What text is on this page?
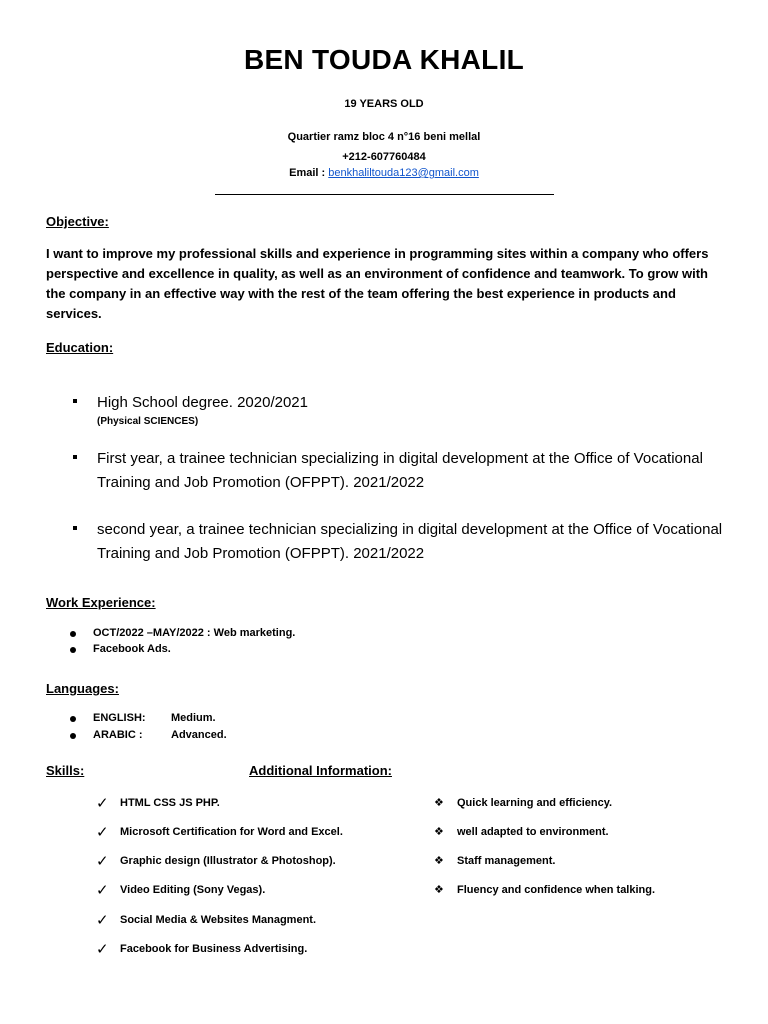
BEN TOUDA KHALIL
19 YEARS OLD
Quartier ramz bloc 4 n°16 beni mellal
+212-607760484
Email : benkhaliltouda123@gmail.com
Objective:
I want to improve my professional skills and experience in programming sites within a company who offers perspective and excellence in quality, as well as an environment of confidence and teamwork. To grow with the company in an effective way with the rest of the team offering the best experience in products and services.
Education:
High School degree. 2020/2021
(Physical SCIENCES)
First year, a trainee technician specializing in digital development at the Office of Vocational Training and Job Promotion (OFPPT). 2021/2022
second year, a trainee technician specializing in digital development at the Office of Vocational Training and Job Promotion (OFPPT). 2021/2022
Work Experience:
OCT/2022 –MAY/2022 : Web marketing.
Facebook Ads.
Languages:
ENGLISH: Medium.
ARABIC :	Advanced.
Skills:	Additional Information:
✓ HTML CSS JS PHP.
✓ Microsoft Certification for Word and Excel.
✓ Graphic design (Illustrator & Photoshop).
✓ Video Editing (Sony Vegas).
✓ Social Media & Websites Managment.
✓ Facebook for Business Advertising.
❖ Quick learning and efficiency.
❖ well adapted to environment.
❖ Staff management.
❖ Fluency and confidence when talking.
